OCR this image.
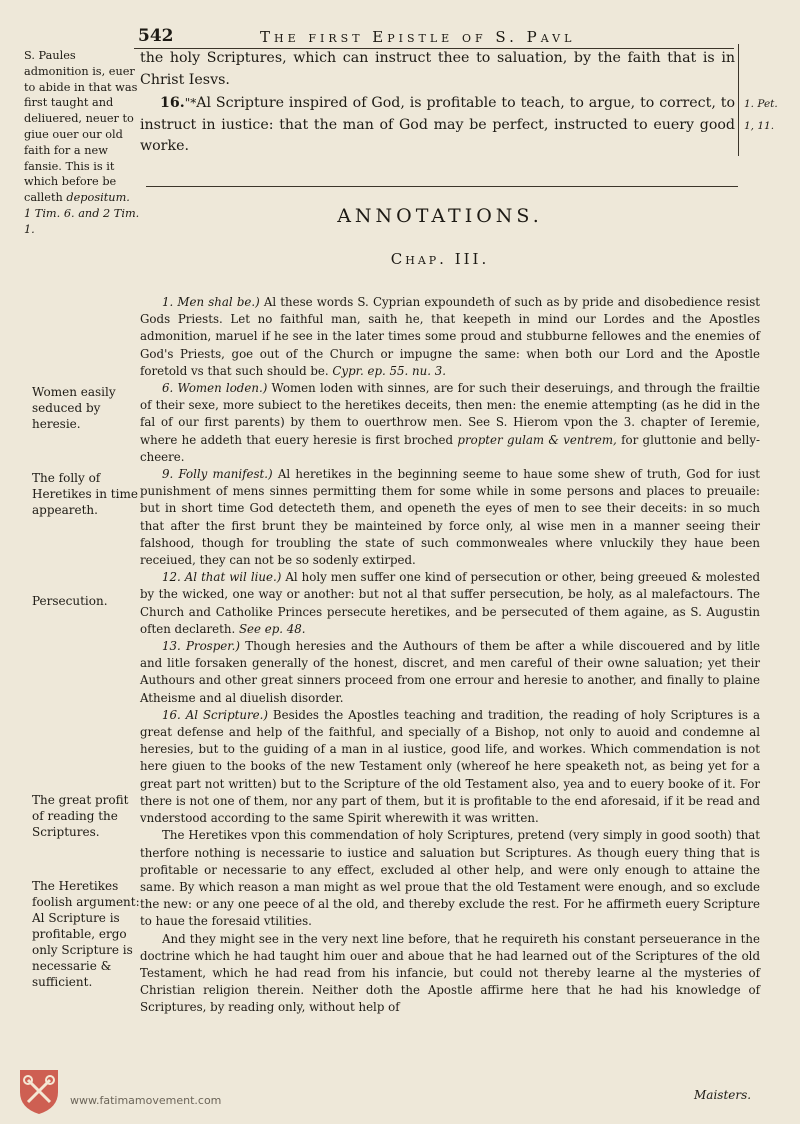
542	The first Epistle of S. Pavl
S. Paules admonition is, euer to abide in that was first taught and deliuered, neuer to giue ouer our old faith for a new fansie. This is it which before be calleth depositum.
1 Tim. 6. and 2 Tim. 1.

the holy Scriptures, which can instruct thee to saluation, by the faith that is in Christ Iesvs.

16."*Al Scripture inspired of God, is profitable to teach, to argue, to correct, to instruct in iustice: that the man of God may be perfect, instructed to euery good worke.

1. Pet.
1, 11.
ANNOTATIONS.
Chap. III.

1. Men shal be.) Al these words S. Cyprian expoundeth of such as by pride and disobedience resist Gods Priests. Let no faithful man, saith he, that keepeth in mind our Lordes and the Apostles admonition, maruel if he see in the later times some proud and stubburne fellowes and the enemies of God's Priests, goe out of the Church or impugne the same: when both our Lord and the Apostle foretold vs that such should be. Cypr. ep. 55. nu. 3.

6. Women loden.) Women loden with sinnes, are for such their deseruings, and through the frailtie of their sexe, more subiect to the heretikes deceits, then men: the enemie attempting (as he did in the fal of our first parents) by them to ouerthrow men. See S. Hierom vpon the 3. chapter of Ieremie, where he addeth that euery heresie is first broched propter gulam & ventrem, for gluttonie and belly-cheere.

9. Folly manifest.) Al heretikes in the beginning seeme to haue some shew of truth, God for iust punishment of mens sinnes permitting them for some while in some persons and places to preuaile: but in short time God detecteth them, and openeth the eyes of men to see their deceits: in so much that after the first brunt they be mainteined by force only, al wise men in a manner seeing their falshood, though for troubling the state of such commonweales where vnluckily they haue been receiued, they can not be so sodenly extirped.

12. Al that wil liue.) Al holy men suffer one kind of persecution or other, being greeued & molested by the wicked, one way or another: but not al that suffer persecution, be holy, as al malefactours. The Church and Catholike Princes persecute heretikes, and be persecuted of them againe, as S. Augustin often declareth. See ep. 48.

13. Prosper.) Though heresies and the Authours of them be after a while discouered and by litle and litle forsaken generally of the honest, discret, and men careful of their owne saluation; yet their Authours and other great sinners proceed from one errour and heresie to another, and finally to plaine Atheisme and al diuelish disorder.

16. Al Scripture.) Besides the Apostles teaching and tradition, the reading of holy Scriptures is a great defense and help of the faithful, and specially of a Bishop, not only to auoid and condemne al heresies, but to the guiding of a man in al iustice, good life, and workes. Which commendation is not here giuen to the books of the new Testament only (whereof he here speaketh not, as being yet for a great part not written) but to the Scripture of the old Testament also, yea and to euery booke of it. For there is not one of them, nor any part of them, but it is profitable to the end aforesaid, if it be read and vnderstood according to the same Spirit wherewith it was written.

The Heretikes vpon this commendation of holy Scriptures, pretend (very simply in good sooth) that therfore nothing is necessarie to iustice and saluation but Scriptures. As though euery thing that is profitable or necessarie to any effect, excluded al other help, and were only enough to attaine the same. By which reason a man might as wel proue that the old Testament were enough, and so exclude the new: or any one peece of al the old, and thereby exclude the rest. For he affirmeth euery Scripture to haue the foresaid vtilities.

And they might see in the very next line before, that he requireth his constant perseuerance in the doctrine which he had taught him ouer and aboue that he had learned out of the Scriptures of the old Testament, which he had read from his infancie, but could not thereby learne al the mysteries of Christian religion therein. Neither doth the Apostle affirme here that he had his knowledge of Scriptures, by reading only, without help of

Women easily seduced by heresie.
The folly of Heretikes in time appeareth.
Persecution.
The great profit of reading the Scriptures.
The Heretikes foolish argument: Al Scripture is profitable, ergo only Scripture is necessarie & sufficient.
Maisters.
www.fatimamovement.com
